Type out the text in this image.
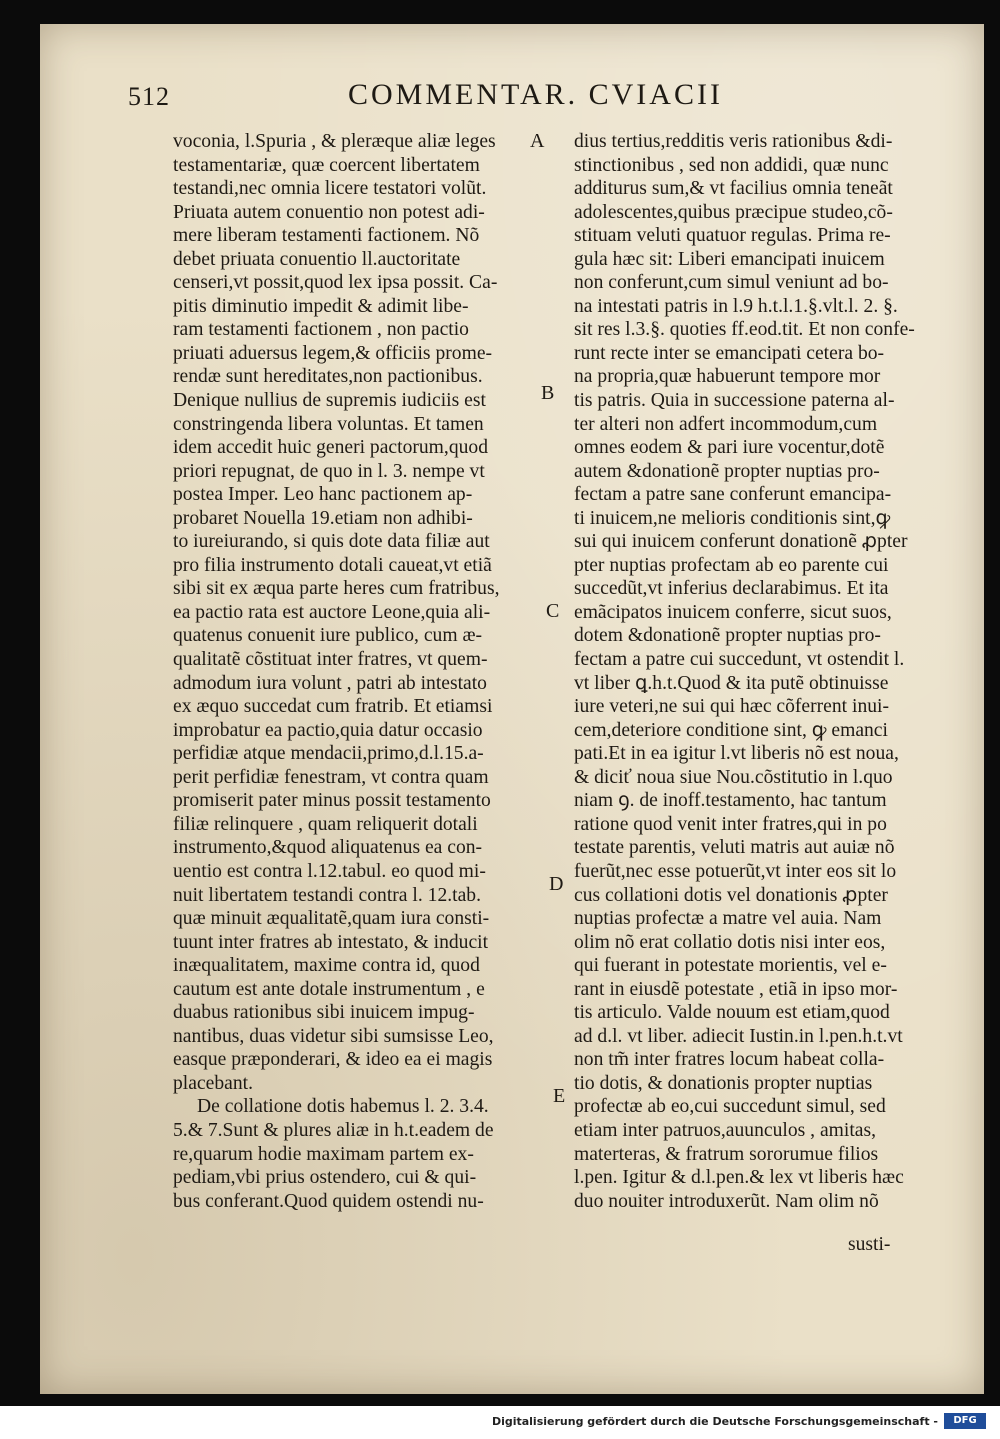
512	COMMENTAR. CVIACII
voconia, l.Spuria , & pleræque aliæ leges
testamentariæ, quæ coercent libertatem
testandi,nec omnia licere testatori volũt.
Priuata autem conuentio non potest adi-
mere liberam testamenti factionem. Nõ
debet priuata conuentio ll.auctoritate
censeri,vt possit,quod lex ipsa possit. Ca-
pitis diminutio impedit & adimit libe-
ram testamenti factionem , non pactio
priuati aduersus legem,& officiis prome-
rendæ sunt hereditates,non pactionibus.
Denique nullius de supremis iudiciis est
constringenda libera voluntas. Et tamen
idem accedit huic generi pactorum,quod
priori repugnat, de quo in l. 3. nempe vt
postea Imper. Leo hanc pactionem ap-
probaret Nouella 19.etiam non adhibi-
to iureiurando, si quis dote data filiæ aut
pro filia instrumento dotali caueat,vt etiã
sibi sit ex æqua parte heres cum fratribus,
ea pactio rata est auctore Leone,quia ali-
quatenus conuenit iure publico, cum æ-
qualitatẽ cõstituat inter fratres, vt quem-
admodum iura volunt , patri ab intestato
ex æquo succedat cum fratrib. Et etiamsi
improbatur ea pactio,quia datur occasio
perfidiæ atque mendacii,primo,d.l.15.a-
perit perfidiæ fenestram, vt contra quam
promiserit pater minus possit testamento
filiæ relinquere , quam reliquerit dotali
instrumento,&quod aliquatenus ea con-
uentio est contra l.12.tabul. eo quod mi-
nuit libertatem testandi contra l. 12.tab.
quæ minuit æqualitatẽ,quam iura consti-
tuunt inter fratres ab intestato, & inducit
inæqualitatem, maxime contra id, quod
cautum est ante dotale instrumentum , e
duabus rationibus sibi inuicem impug-
nantibus, duas videtur sibi sumsisse Leo,
easque præponderari, & ideo ea ei magis
placebant.
De collatione dotis habemus l. 2. 3.4.
5.& 7.Sunt & plures aliæ in h.t.eadem de
re,quarum hodie maximam partem ex-
pediam,vbi prius ostendero, cui & qui-
bus conferant.Quod quidem ostendi nu-
dius tertius,redditis veris rationibus &di-
stinctionibus , sed non addidi, quæ nunc
additurus sum,& vt facilius omnia teneãt
adolescentes,quibus præcipue studeo,cõ-
stituam veluti quatuor regulas. Prima re-
gula hæc sit: Liberi emancipati inuicem
non conferunt,cum simul veniunt ad bo-
na intestati patris in l.9 h.t.l.1.§.vlt.l. 2. §.
sit res l.3.§. quoties ff.eod.tit. Et non confe-
runt recte inter se emancipati cetera bo-
na propria,quæ habuerunt tempore mor
tis patris. Quia in successione paterna al-
ter alteri non adfert incommodum,cum
omnes eodem & pari iure vocentur,dotẽ
autem &donationẽ propter nuptias pro-
fectam a patre sane conferunt emancipa-
ti inuicem,ne melioris conditionis sint,ꝙ
sui qui inuicem conferunt donationẽ ꝓpter
pter nuptias profectam ab eo parente cui
succedũt,vt inferius declarabimus. Et ita
emãcipatos inuicem conferre, sicut suos,
dotem &donationẽ propter nuptias pro-
fectam a patre cui succedunt, vt ostendit l.
vt liber ꝗ.h.t.Quod & ita putẽ obtinuisse
iure veteri,ne sui qui hæc cõferrent inui-
cem,deteriore conditione sint, ꝙ emanci
pati.Et in ea igitur l.vt liberis nõ est noua,
& diciť noua siue Nou.cõstitutio in l.quo
niam ꝯ. de inoff.testamento, hac tantum
ratione quod venit inter fratres,qui in po
testate parentis, veluti matris aut auiæ nõ
fuerũt,nec esse potuerũt,vt inter eos sit lo
cus collationi dotis vel donationis ꝓpter
nuptias profectæ a matre vel auia. Nam
olim nõ erat collatio dotis nisi inter eos,
qui fuerant in potestate morientis, vel e-
rant in eiusdẽ potestate , etiã in ipso mor-
tis articulo. Valde nouum est etiam,quod
ad d.l. vt liber. adiecit Iustin.in l.pen.h.t.vt
non tm̃ inter fratres locum habeat colla-
tio dotis, & donationis propter nuptias
profectæ ab eo,cui succedunt simul, sed
etiam inter patruos,auunculos , amitas,
materteras, & fratrum sororumue filios
l.pen. Igitur & d.l.pen.& lex vt liberis hæc
duo nouiter introduxerũt. Nam olim nõ
A
B
C
D
E
susti-
Digitalisierung gefördert durch die Deutsche Forschungsgemeinschaft -	DFG
